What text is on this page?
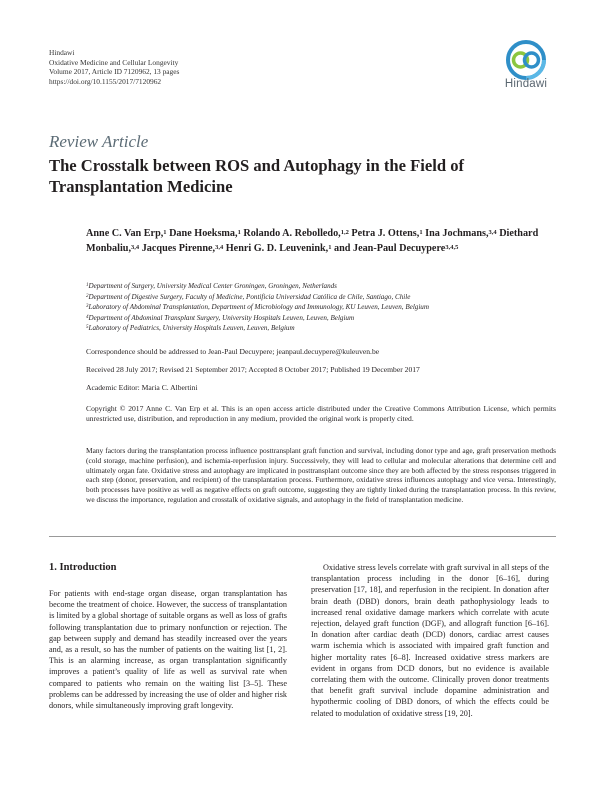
Hindawi
Oxidative Medicine and Cellular Longevity
Volume 2017, Article ID 7120962, 13 pages
https://doi.org/10.1155/2017/7120962	Hindawi
Review Article
The Crosstalk between ROS and Autophagy in the Field of Transplantation Medicine
Anne C. Van Erp,$^1$ Dane Hoeksma,$^1$ Rolando A. Rebolledo,$^{1,2}$ Petra J. Ottens,$^1$ Ina Jochmans,$^{3,4}$ Diethard Monbaliu,$^{3,4}$ Jacques Pirenne,$^{3,4}$ Henri G. D. Leuvenink,$^1$ and Jean-Paul Decuypere$^{3,4,5}$
$^1$Department of Surgery, University Medical Center Groningen, Groningen, Netherlands
$^2$Department of Digestive Surgery, Faculty of Medicine, Pontificia Universidad Católica de Chile, Santiago, Chile
$^3$Laboratory of Abdominal Transplantation, Department of Microbiology and Immunology, KU Leuven, Leuven, Belgium
$^4$Department of Abdominal Transplant Surgery, University Hospitals Leuven, Leuven, Belgium
$^5$Laboratory of Pediatrics, University Hospitals Leuven, Leuven, Belgium
Correspondence should be addressed to Jean-Paul Decuypere; jeanpaul.decuypere@kuleuven.be
Received 28 July 2017; Revised 21 September 2017; Accepted 8 October 2017; Published 19 December 2017
Academic Editor: Maria C. Albertini
Copyright © 2017 Anne C. Van Erp et al. This is an open access article distributed under the Creative Commons Attribution License, which permits unrestricted use, distribution, and reproduction in any medium, provided the original work is properly cited.
Many factors during the transplantation process influence posttransplant graft function and survival, including donor type and age, graft preservation methods (cold storage, machine perfusion), and ischemia-reperfusion injury. Successively, they will lead to cellular and molecular alterations that determine cell and ultimately organ fate. Oxidative stress and autophagy are implicated in posttransplant outcome since they are both affected by the stress responses triggered in each step (donor, preservation, and recipient) of the transplantation process. Furthermore, oxidative stress influences autophagy and vice versa. Interestingly, both processes have positive as well as negative effects on graft outcome, suggesting they are tightly linked during the transplantation process. In this review, we discuss the importance, regulation and crosstalk of oxidative signals, and autophagy in the field of transplantation medicine.
1. Introduction

For patients with end-stage organ disease, organ transplantation has become the treatment of choice. However, the success of transplantation is limited by a global shortage of suitable organs as well as loss of grafts following transplantation due to primary nonfunction or rejection. The gap between supply and demand has steadily increased over the years and, as a result, so has the number of patients on the waiting list [1, 2]. This is an alarming increase, as organ transplantation significantly improves a patient’s quality of life as well as survival rate when compared to patients who remain on the waiting list [3–5]. These problems can be addressed by increasing the use of older and higher risk donors, while simultaneously improving graft longevity.

Oxidative stress levels correlate with graft survival in all steps of the transplantation process including in the donor [6–16], during preservation [17, 18], and reperfusion in the recipient. In donation after brain death (DBD) donors, brain death pathophysiology leads to increased renal oxidative damage markers which correlate with acute rejection, delayed graft function (DGF), and allograft function [6–16]. In donation after cardiac death (DCD) donors, cardiac arrest causes warm ischemia which is associated with impaired graft function and higher mortality rates [6–8]. Increased oxidative stress markers are evident in organs from DCD donors, but no evidence is available correlating them with the outcome. Clinically proven donor treatments that benefit graft survival include dopamine administration and hypothermic cooling of DBD donors, of which the effects could be related to modulation of oxidative stress [19, 20].
